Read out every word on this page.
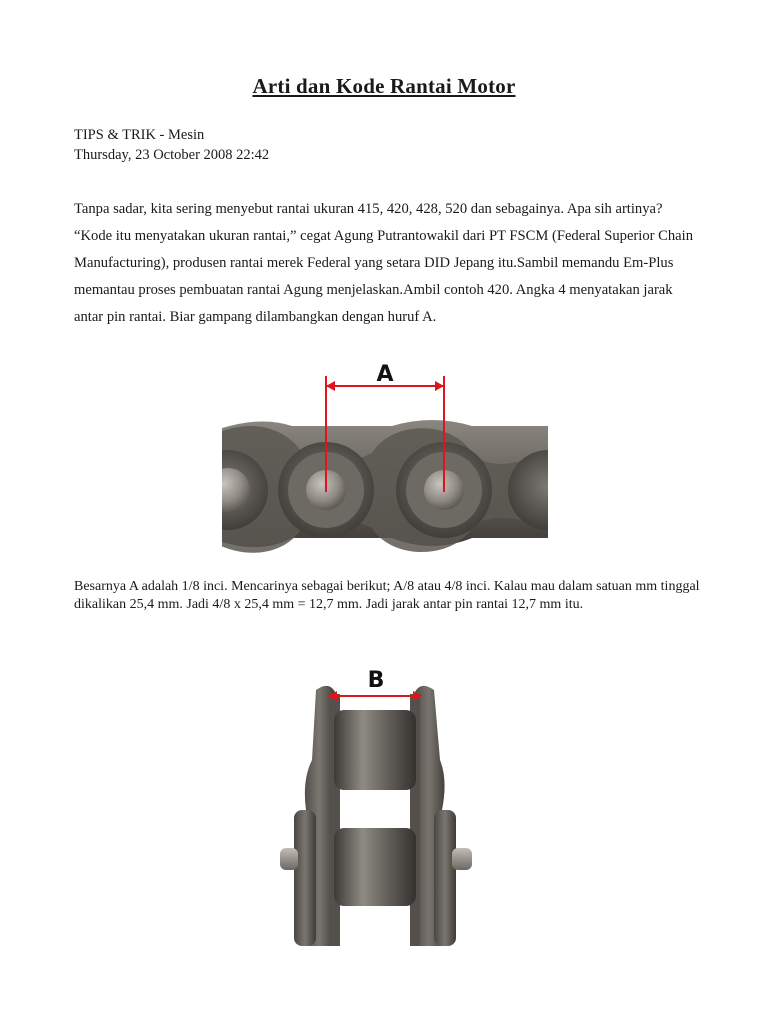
Arti dan Kode Rantai Motor
TIPS & TRIK - Mesin
Thursday, 23 October 2008 22:42

Tanpa sadar, kita sering menyebut rantai ukuran 415, 420, 428, 520 dan sebagainya. Apa sih artinya? “Kode itu menyatakan ukuran rantai,” cegat Agung Putrantowakil dari PT FSCM (Federal Superior Chain Manufacturing), produsen rantai merek Federal yang setara DID Jepang itu.Sambil memandu Em-Plus memantau proses pembuatan rantai Agung menjelaskan.Ambil contoh 420. Angka 4 menyatakan jarak antar pin rantai. Biar gampang dilambangkan dengan huruf A.

A

Besarnya A adalah 1/8 inci. Mencarinya sebagai berikut; A/8 atau 4/8 inci. Kalau mau dalam satuan mm tinggal dikalikan 25,4 mm. Jadi 4/8 x 25,4 mm = 12,7 mm. Jadi jarak antar pin rantai 12,7 mm itu.

B
